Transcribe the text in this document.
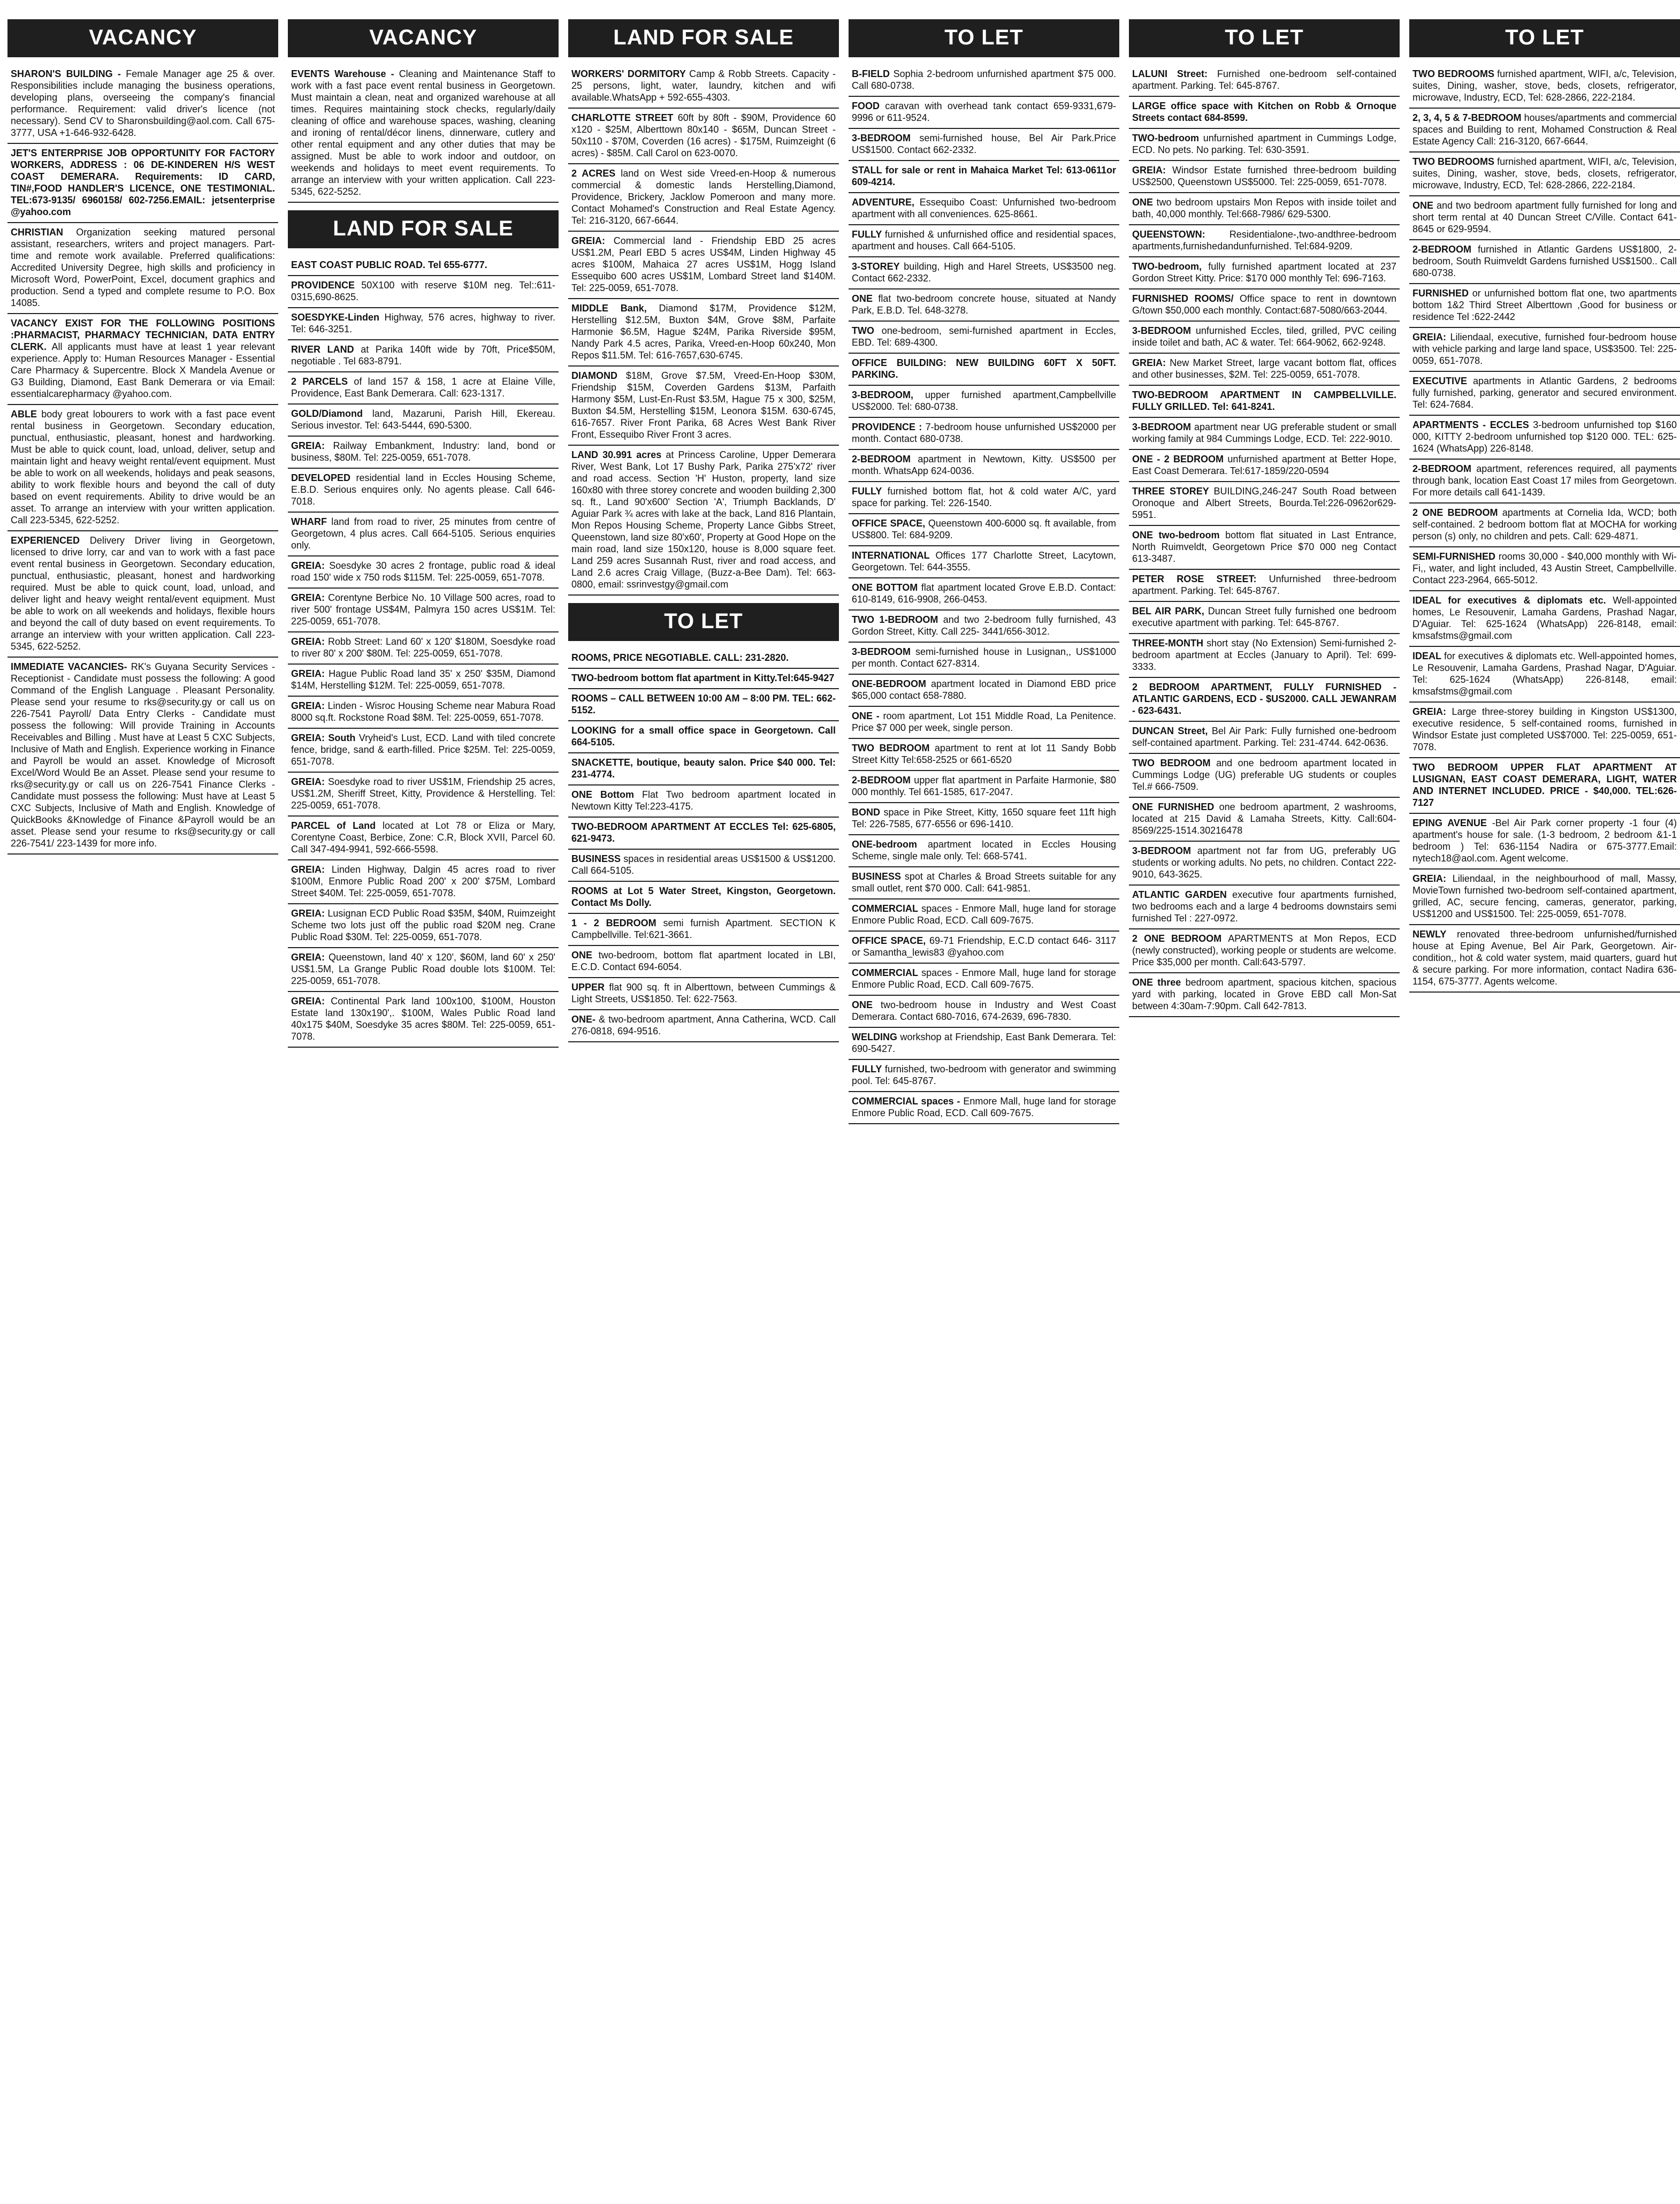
VACANCY
SHARON'S BUILDING - Female Manager age 25 & over. Responsibilities include managing the business operations, developing plans, overseeing the company's financial performance. Requirement: valid driver's licence (not necessary). Send CV to Sharonsbuilding@aol.com. Call 675-3777, USA +1-646-932-6428.
JET'S ENTERPRISE JOB OPPORTUNITY FOR FACTORY WORKERS, ADDRESS : 06 DE-KINDEREN H/S WEST COAST DEMERARA. Requirements: ID CARD, TIN#,FOOD HANDLER'S LICENCE, ONE TESTIMONIAL. TEL:673-9135/ 6960158/ 602-7256.EMAIL: jetsenterprise @yahoo.com
CHRISTIAN Organization seeking matured personal assistant, researchers, writers and project managers. Part-time and remote work available. Preferred qualifications: Accredited University Degree, high skills and proficiency in Microsoft Word, PowerPoint, Excel, document graphics and production. Send a typed and complete resume to P.O. Box 14085.
VACANCY EXIST FOR THE FOLLOWING POSITIONS :PHARMACIST, PHARMACY TECHNICIAN, DATA ENTRY CLERK. All applicants must have at least 1 year relevant experience. Apply to: Human Resources Manager - Essential Care Pharmacy & Supercentre. Block X Mandela Avenue or G3 Building, Diamond, East Bank Demerara or via Email: essentialcarepharmacy @yahoo.com.
ABLE body great lobourers to work with a fast pace event rental business in Georgetown. Secondary education, punctual, enthusiastic, pleasant, honest and hardworking. Must be able to quick count, load, unload, deliver, setup and maintain light and heavy weight rental/event equipment. Must be able to work on all weekends, holidays and peak seasons, ability to work flexible hours and beyond the call of duty based on event requirements. Ability to drive would be an asset. To arrange an interview with your written application. Call 223-5345, 622-5252.
EXPERIENCED Delivery Driver living in Georgetown, licensed to drive lorry, car and van to work with a fast pace event rental business in Georgetown. Secondary education, punctual, enthusiastic, pleasant, honest and hardworking required. Must be able to quick count, load, unload, and deliver light and heavy weight rental/event equipment. Must be able to work on all weekends and holidays, flexible hours and beyond the call of duty based on event requirements. To arrange an interview with your written application. Call 223-5345, 622-5252.
IMMEDIATE VACANCIES- RK's Guyana Security Services - Receptionist - Candidate must possess the following: A good Command of the English Language . Pleasant Personality. Please send your resume to rks@security.gy or call us on 226-7541 Payroll/ Data Entry Clerks - Candidate must possess the following: Will provide Training in Accounts Receivables and Billing . Must have at Least 5 CXC Subjects, Inclusive of Math and English. Experience working in Finance and Payroll be would an asset. Knowledge of Microsoft Excel/Word Would Be an Asset. Please send your resume to rks@security.gy or call us on 226-7541 Finance Clerks - Candidate must possess the following: Must have at Least 5 CXC Subjects, Inclusive of Math and English. Knowledge of QuickBooks &Knowledge of Finance &Payroll would be an asset. Please send your resume to rks@security.gy or call 226-7541/ 223-1439 for more info.
VACANCY
EVENTS Warehouse - Cleaning and Maintenance Staff to work with a fast pace event rental business in Georgetown. Must maintain a clean, neat and organized warehouse at all times. Requires maintaining stock checks, regularly/daily cleaning of office and warehouse spaces, washing, cleaning and ironing of rental/décor linens, dinnerware, cutlery and other rental equipment and any other duties that may be assigned. Must be able to work indoor and outdoor, on weekends and holidays to meet event requirements. To arrange an interview with your written application. Call 223-5345, 622-5252.
LAND FOR SALE
EAST COAST PUBLIC ROAD. Tel 655-6777.
PROVIDENCE 50X100 with reserve $10M neg. Tel::611-0315,690-8625.
SOESDYKE-Linden Highway, 576 acres, highway to river. Tel: 646-3251.
RIVER LAND at Parika 140ft wide by 70ft, Price$50M, negotiable . Tel 683-8791.
2 PARCELS of land 157 & 158, 1 acre at Elaine Ville, Providence, East Bank Demerara. Call: 623-1317.
GOLD/Diamond land, Mazaruni, Parish Hill, Ekereau. Serious investor. Tel: 643-5444, 690-5300.
GREIA: Railway Embankment, Industry: land, bond or business, $80M. Tel: 225-0059, 651-7078.
DEVELOPED residential land in Eccles Housing Scheme, E.B.D. Serious enquires only. No agents please. Call 646-7018.
WHARF land from road to river, 25 minutes from centre of Georgetown, 4 plus acres. Call 664-5105. Serious enquiries only.
GREIA: Soesdyke 30 acres 2 frontage, public road & ideal road 150' wide x 750 rods $115M. Tel: 225-0059, 651-7078.
GREIA: Corentyne Berbice No. 10 Village 500 acres, road to river 500' frontage US$4M, Palmyra 150 acres US$1M. Tel: 225-0059, 651-7078.
GREIA: Robb Street: Land 60' x 120' $180M, Soesdyke road to river 80' x 200' $80M. Tel: 225-0059, 651-7078.
GREIA: Hague Public Road land 35' x 250' $35M, Diamond $14M, Herstelling $12M. Tel: 225-0059, 651-7078.
GREIA: Linden - Wisroc Housing Scheme near Mabura Road 8000 sq.ft. Rockstone Road $8M. Tel: 225-0059, 651-7078.
GREIA: South Vryheid's Lust, ECD. Land with tiled concrete fence, bridge, sand & earth-filled. Price $25M. Tel: 225-0059, 651-7078.
GREIA: Soesdyke road to river US$1M, Friendship 25 acres, US$1.2M, Sheriff Street, Kitty, Providence & Herstelling. Tel: 225-0059, 651-7078.
PARCEL of Land located at Lot 78 or Eliza or Mary, Corentyne Coast, Berbice, Zone: C.R, Block XVII, Parcel 60. Call 347-494-9941, 592-666-5598.
GREIA: Linden Highway, Dalgin 45 acres road to river $100M, Enmore Public Road 200' x 200' $75M, Lombard Street $40M. Tel: 225-0059, 651-7078.
GREIA: Lusignan ECD Public Road $35M, $40M, Ruimzeight Scheme two lots just off the public road $20M neg. Crane Public Road $30M. Tel: 225-0059, 651-7078.
GREIA: Queenstown, land 40' x 120', $60M, land 60' x 250' US$1.5M, La Grange Public Road double lots $100M. Tel: 225-0059, 651-7078.
GREIA: Continental Park land 100x100, $100M, Houston Estate land 130x190',. $100M, Wales Public Road land 40x175 $40M, Soesdyke 35 acres $80M. Tel: 225-0059, 651-7078.
LAND FOR SALE
WORKERS' DORMITORY Camp & Robb Streets. Capacity - 25 persons, light, water, laundry, kitchen and wifi available.WhatsApp + 592-655-4303.
CHARLOTTE STREET 60ft by 80ft - $90M, Providence 60 x120 - $25M, Alberttown 80x140 - $65M, Duncan Street - 50x110 - $70M, Coverden (16 acres) - $175M, Ruimzeight (6 acres) - $85M. Call Carol on 623-0070.
2 ACRES land on West side Vreed-en-Hoop & numerous commercial & domestic lands Herstelling,Diamond, Providence, Brickery, Jacklow Pomeroon and many more. Contact Mohamed's Construction and Real Estate Agency. Tel: 216-3120, 667-6644.
GREIA: Commercial land - Friendship EBD 25 acres US$1.2M, Pearl EBD 5 acres US$4M, Linden Highway 45 acres $100M, Mahaica 27 acres US$1M, Hogg Island Essequibo 600 acres US$1M, Lombard Street land $140M. Tel: 225-0059, 651-7078.
MIDDLE Bank, Diamond $17M, Providence $12M, Herstelling $12.5M, Buxton $4M, Grove $8M, Parfaite Harmonie $6.5M, Hague $24M, Parika Riverside $95M, Nandy Park 4.5 acres, Parika, Vreed-en-Hoop 60x240, Mon Repos $11.5M. Tel: 616-7657,630-6745.
DIAMOND $18M, Grove $7.5M, Vreed-En-Hoop $30M, Friendship $15M, Coverden Gardens $13M, Parfaith Harmony $5M, Lust-En-Rust $3.5M, Hague 75 x 300, $25M, Buxton $4.5M, Herstelling $15M, Leonora $15M. 630-6745, 616-7657. River Front Parika, 68 Acres West Bank River Front, Essequibo River Front 3 acres.
LAND 30.991 acres at Princess Caroline, Upper Demerara River, West Bank, Lot 17 Bushy Park, Parika 275'x72' river and road access. Section 'H' Huston, property, land size 160x80 with three storey concrete and wooden building 2,300 sq. ft., Land 90'x600' Section 'A', Triumph Backlands, D' Aguiar Park ¾ acres with lake at the back, Land 816 Plantain, Mon Repos Housing Scheme, Property Lance Gibbs Street, Queenstown, land size 80'x60', Property at Good Hope on the main road, land size 150x120, house is 8,000 square feet. Land 259 acres Susannah Rust, river and road access, and Land 2.6 acres Craig Village, (Buzz-a-Bee Dam). Tel: 663-0800, email: ssrinvestgy@gmail.com
TO LET
ROOMS, PRICE NEGOTIABLE. CALL: 231-2820.
TWO-bedroom bottom flat apartment in Kitty.Tel:645-9427
ROOMS – CALL BETWEEN 10:00 AM – 8:00 PM. TEL: 662-5152.
LOOKING for a small office space in Georgetown. Call 664-5105.
SNACKETTE, boutique, beauty salon. Price $40 000. Tel: 231-4774.
ONE Bottom Flat Two bedroom apartment located in Newtown Kitty Tel:223-4175.
TWO-BEDROOM APARTMENT AT ECCLES Tel: 625-6805, 621-9473.
BUSINESS spaces in residential areas US$1500 & US$1200. Call 664-5105.
ROOMS at Lot 5 Water Street, Kingston, Georgetown. Contact Ms Dolly.
1 - 2 BEDROOM semi furnish Apartment. SECTION K Campbellville. Tel:621-3661.
ONE two-bedroom, bottom flat apartment located in LBI, E.C.D. Contact 694-6054.
UPPER flat 900 sq. ft in Alberttown, between Cummings & Light Streets, US$1850. Tel: 622-7563.
ONE- & two-bedroom apartment, Anna Catherina, WCD. Call 276-0818, 694-9516.
TO LET
B-FIELD Sophia 2-bedroom unfurnished apartment $75 000. Call 680-0738.
FOOD caravan with overhead tank contact 659-9331,679-9996 or 611-9524.
3-BEDROOM semi-furnished house, Bel Air Park.Price US$1500. Contact 662-2332.
STALL for sale or rent in Mahaica Market Tel: 613-0611or 609-4214.
ADVENTURE, Essequibo Coast: Unfurnished two-bedroom apartment with all conveniences. 625-8661.
FULLY furnished & unfurnished office and residential spaces, apartment and houses. Call 664-5105.
3-STOREY building, High and Harel Streets, US$3500 neg. Contact 662-2332.
ONE flat two-bedroom concrete house, situated at Nandy Park, E.B.D. Tel. 648-3278.
TWO one-bedroom, semi-furnished apartment in Eccles, EBD. Tel: 689-4300.
OFFICE BUILDING: NEW BUILDING 60FT X 50FT. PARKING.
3-BEDROOM, upper furnished apartment,Campbellville US$2000. Tel: 680-0738.
PROVIDENCE : 7-bedroom house unfurnished US$2000 per month. Contact 680-0738.
2-BEDROOM apartment in Newtown, Kitty. US$500 per month. WhatsApp 624-0036.
FULLY furnished bottom flat, hot & cold water A/C, yard space for parking. Tel: 226-1540.
OFFICE SPACE, Queenstown 400-6000 sq. ft available, from US$800. Tel: 684-9209.
INTERNATIONAL Offices 177 Charlotte Street, Lacytown, Georgetown. Tel: 644-3555.
ONE BOTTOM flat apartment located Grove E.B.D. Contact: 610-8149, 616-9908, 266-0453.
TWO 1-BEDROOM and two 2-bedroom fully furnished, 43 Gordon Street, Kitty. Call 225- 3441/656-3012.
3-BEDROOM semi-furnished house in Lusignan,, US$1000 per month. Contact 627-8314.
ONE-BEDROOM apartment located in Diamond EBD price $65,000 contact 658-7880.
ONE - room apartment, Lot 151 Middle Road, La Penitence. Price $7 000 per week, single person.
TWO BEDROOM apartment to rent at lot 11 Sandy Bobb Street Kitty Tel:658-2525 or 661-6520
2-BEDROOM upper flat apartment in Parfaite Harmonie, $80 000 monthly. Tel 661-1585, 617-2047.
BOND space in Pike Street, Kitty, 1650 square feet 11ft high Tel: 226-7585, 677-6556 or 696-1410.
ONE-bedroom apartment located in Eccles Housing Scheme, single male only. Tel: 668-5741.
BUSINESS spot at Charles & Broad Streets suitable for any small outlet, rent $70 000. Call: 641-9851.
COMMERCIAL spaces - Enmore Mall, huge land for storage Enmore Public Road, ECD. Call 609-7675.
OFFICE SPACE, 69-71 Friendship, E.C.D contact 646- 3117 or Samantha_lewis83 @yahoo.com
COMMERCIAL spaces - Enmore Mall, huge land for storage Enmore Public Road, ECD. Call 609-7675.
ONE two-bedroom house in Industry and West Coast Demerara. Contact 680-7016, 674-2639, 696-7830.
WELDING workshop at Friendship, East Bank Demerara. Tel: 690-5427.
FULLY furnished, two-bedroom with generator and swimming pool. Tel: 645-8767.
COMMERCIAL spaces - Enmore Mall, huge land for storage Enmore Public Road, ECD. Call 609-7675.
TO LET
LALUNI Street: Furnished one-bedroom self-contained apartment. Parking. Tel: 645-8767.
LARGE office space with Kitchen on Robb & Ornoque Streets contact 684-8599.
TWO-bedroom unfurnished apartment in Cummings Lodge, ECD. No pets. No parking. Tel: 630-3591.
GREIA: Windsor Estate furnished three-bedroom building US$2500, Queenstown US$5000. Tel: 225-0059, 651-7078.
ONE two bedroom upstairs Mon Repos with inside toilet and bath, 40,000 monthly. Tel:668-7986/ 629-5300.
QUEENSTOWN:	Residentialone-,two-andthree-bedroom apartments,furnishedandunfurnished. Tel:684-9209.
TWO-bedroom, fully furnished apartment located at 237 Gordon Street Kitty. Price: $170 000 monthly Tel: 696-7163.
FURNISHED ROOMS/ Office space to rent in downtown G/town $50,000 each monthly. Contact:687-5080/663-2044.
3-BEDROOM unfurnished Eccles, tiled, grilled, PVC ceiling inside toilet and bath, AC & water. Tel: 664-9062, 662-9248.
GREIA: New Market Street, large vacant bottom flat, offices and other businesses, $2M. Tel: 225-0059, 651-7078.
TWO-BEDROOM APARTMENT IN CAMPBELLVILLE. FULLY GRILLED. Tel: 641-8241.
3-BEDROOM apartment near UG preferable student or small working family at 984 Cummings Lodge, ECD. Tel: 222-9010.
ONE - 2 BEDROOM unfurnished apartment at Better Hope, East Coast Demerara. Tel:617-1859/220-0594
THREE STOREY BUILDING,246-247 South Road between Oronoque and Albert Streets, Bourda.Tel:226-0962or629-5951.
ONE two-bedroom bottom flat situated in Last Entrance, North Ruimveldt, Georgetown Price $70 000 neg Contact 613-3487.
PETER ROSE STREET: Unfurnished three-bedroom apartment. Parking. Tel: 645-8767.
BEL AIR PARK, Duncan Street fully furnished one bedroom executive apartment with parking. Tel: 645-8767.
THREE-MONTH short stay (No Extension) Semi-furnished 2-bedroom apartment at Eccles (January to April). Tel: 699-3333.
2 BEDROOM APARTMENT, FULLY FURNISHED - ATLANTIC GARDENS, ECD - $US2000. CALL JEWANRAM - 623-6431.
DUNCAN Street, Bel Air Park: Fully furnished one-bedroom self-contained apartment. Parking. Tel: 231-4744. 642-0636.
TWO BEDROOM and one bedroom apartment located in Cummings Lodge (UG) preferable UG students or couples Tel.# 666-7509.
ONE FURNISHED one bedroom apartment, 2 washrooms, located at 215 David & Lamaha Streets, Kitty. Call:604-8569/225-1514.30216478
3-BEDROOM apartment not far from UG, preferably UG students or working adults. No pets, no children. Contact 222-9010, 643-3625.
ATLANTIC GARDEN executive four apartments furnished, two bedrooms each and a large 4 bedrooms downstairs semi furnished Tel : 227-0972.
2 ONE BEDROOM APARTMENTS at Mon Repos, ECD (newly constructed), working people or students are welcome. Price $35,000 per month. Call:643-5797.
ONE three bedroom apartment, spacious kitchen, spacious yard with parking, located in Grove EBD call Mon-Sat between 4:30am-7:90pm. Call 642-7813.
TO LET
TWO BEDROOMS furnished apartment, WIFI, a/c, Television, suites, Dining, washer, stove, beds, closets, refrigerator, microwave, Industry, ECD, Tel: 628-2866, 222-2184.
2, 3, 4, 5 & 7-BEDROOM houses/apartments and commercial spaces and Building to rent, Mohamed Construction & Real Estate Agency Call: 216-3120, 667-6644.
TWO BEDROOMS furnished apartment, WIFI, a/c, Television, suites, Dining, washer, stove, beds, closets, refrigerator, microwave, Industry, ECD, Tel: 628-2866, 222-2184.
ONE and two bedroom apartment fully furnished for long and short term rental at 40 Duncan Street C/Ville. Contact 641-8645 or 629-9594.
2-BEDROOM furnished in Atlantic Gardens US$1800, 2-bedroom, South Ruimveldt Gardens furnished US$1500.. Call 680-0738.
FURNISHED or unfurnished bottom flat one, two apartments bottom 1&2 Third Street Alberttown ,Good for business or residence Tel :622-2442
GREIA: Liliendaal, executive, furnished four-bedroom house with vehicle parking and large land space, US$3500. Tel: 225-0059, 651-7078.
EXECUTIVE apartments in Atlantic Gardens, 2 bedrooms fully furnished, parking, generator and secured environment. Tel: 624-7684.
APARTMENTS - ECCLES 3-bedroom unfurnished top $160 000, KITTY 2-bedroom unfurnished top $120 000. TEL: 625-1624 (WhatsApp) 226-8148.
2-BEDROOM apartment, references required, all payments through bank, location East Coast 17 miles from Georgetown. For more details call 641-1439.
2 ONE BEDROOM apartments at Cornelia Ida, WCD; both self-contained. 2 bedroom bottom flat at MOCHA for working person (s) only, no children and pets. Call: 629-4871.
SEMI-FURNISHED rooms 30,000 - $40,000 monthly with Wi-Fi,, water, and light included, 43 Austin Street, Campbellville. Contact 223-2964, 665-5012.
IDEAL for executives & diplomats etc. Well-appointed homes, Le Resouvenir, Lamaha Gardens, Prashad Nagar, D'Aguiar. Tel: 625-1624 (WhatsApp) 226-8148, email: kmsafstms@gmail.com
IDEAL for executives & diplomats etc. Well-appointed homes, Le Resouvenir, Lamaha Gardens, Prashad Nagar, D'Aguiar. Tel: 625-1624 (WhatsApp) 226-8148, email: kmsafstms@gmail.com
GREIA: Large three-storey building in Kingston US$1300, executive residence, 5 self-contained rooms, furnished in Windsor Estate just completed US$7000. Tel: 225-0059, 651-7078.
TWO BEDROOM UPPER FLAT APARTMENT AT LUSIGNAN, EAST COAST DEMERARA, LIGHT, WATER AND INTERNET INCLUDED. PRICE - $40,000. TEL:626-7127
EPING AVENUE -Bel Air Park corner property -1 four (4) apartment's house for sale. (1-3 bedroom, 2 bedroom &1-1 bedroom ) Tel: 636-1154 Nadira or 675-3777.Email: nytech18@aol.com. Agent welcome.
GREIA: Liliendaal, in the neighbourhood of mall, Massy, MovieTown furnished two-bedroom self-contained apartment, grilled, AC, secure fencing, cameras, generator, parking, US$1200 and US$1500. Tel: 225-0059, 651-7078.
NEWLY renovated three-bedroom unfurnished/furnished house at Eping Avenue, Bel Air Park, Georgetown. Air-condition,, hot & cold water system, maid quarters, guard hut & secure parking. For more information, contact Nadira 636-1154, 675-3777. Agents welcome.
